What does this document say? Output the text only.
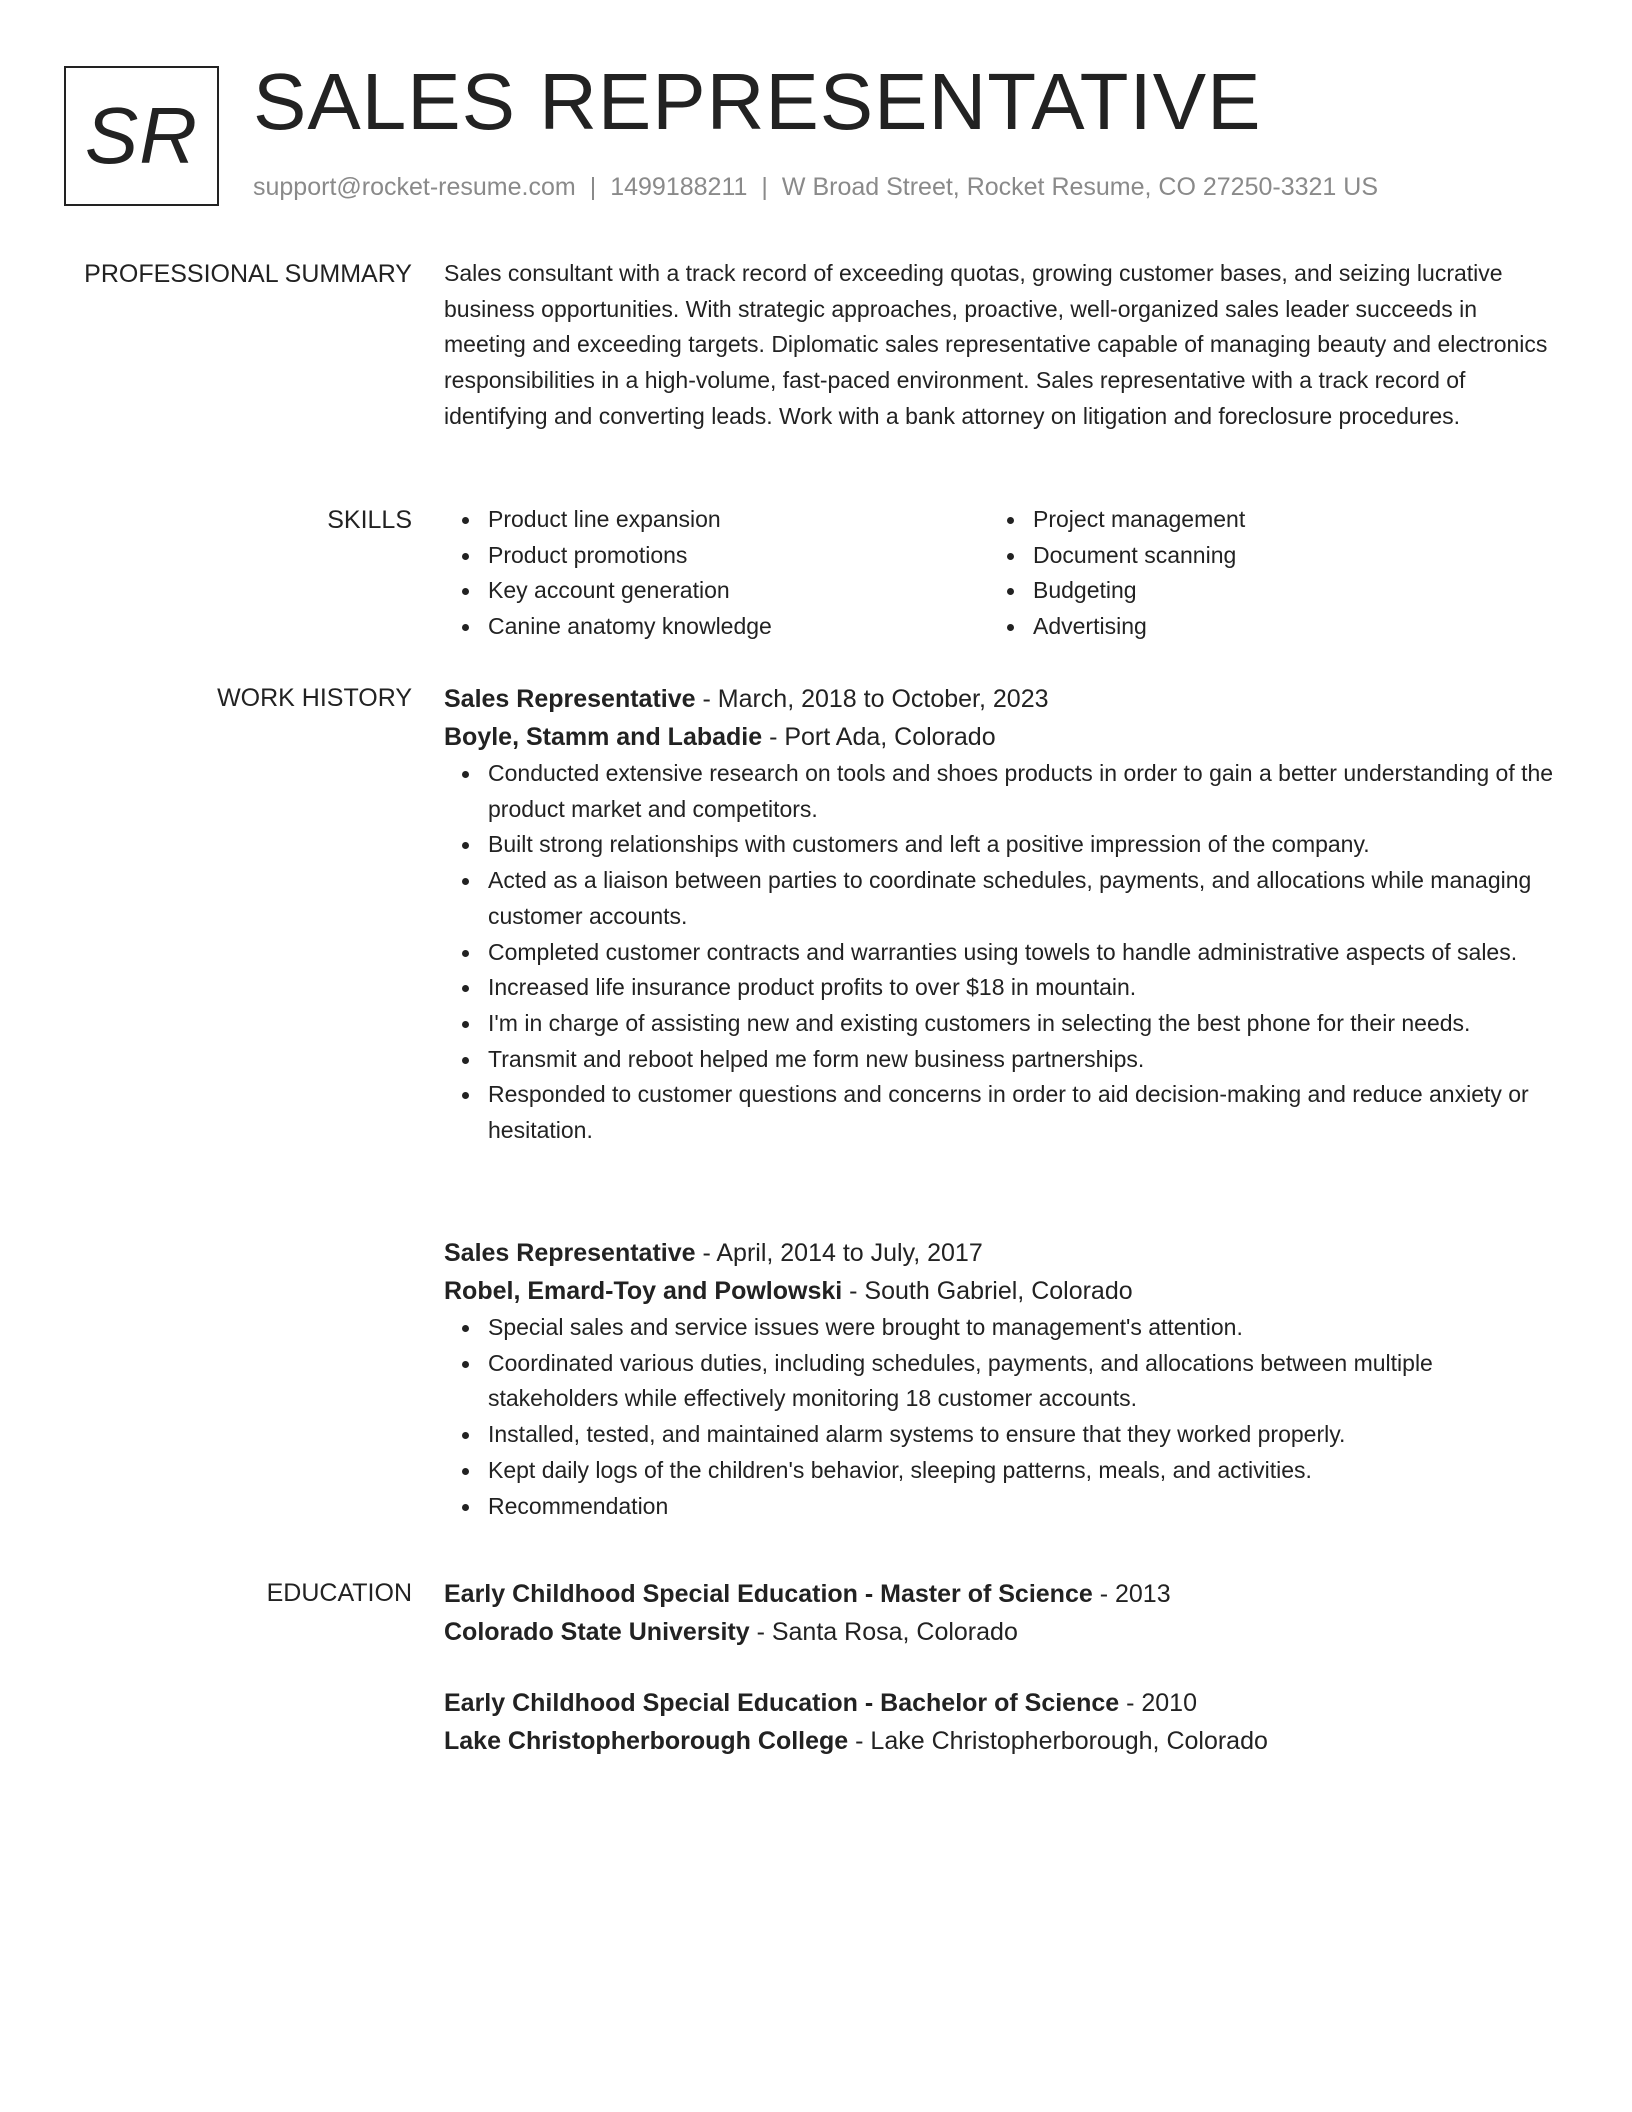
SR SALES REPRESENTATIVE
support@rocket-resume.com | 1499188211 | W Broad Street, Rocket Resume, CO 27250-3321 US
PROFESSIONAL SUMMARY Sales consultant with a track record of exceeding quotas, growing customer bases, and seizing lucrative business opportunities. With strategic approaches, proactive, well-organized sales leader succeeds in meeting and exceeding targets. Diplomatic sales representative capable of managing beauty and electronics responsibilities in a high-volume, fast-paced environment. Sales representative with a track record of identifying and converting leads. Work with a bank attorney on litigation and foreclosure procedures.

SKILLS	Product line expansion
Product promotions
Key account generation
Canine anatomy knowledge
Project management
Document scanning
Budgeting
Advertising
WORK HISTORY Sales Representative - March, 2018 to October, 2023
Boyle, Stamm and Labadie - Port Ada, Colorado
Conducted extensive research on tools and shoes products in order to gain a better understanding of the product market and competitors.
Built strong relationships with customers and left a positive impression of the company.
Acted as a liaison between parties to coordinate schedules, payments, and allocations while managing customer accounts.
Completed customer contracts and warranties using towels to handle administrative aspects of sales.
Increased life insurance product profits to over $18 in mountain.
I'm in charge of assisting new and existing customers in selecting the best phone for their needs.
Transmit and reboot helped me form new business partnerships.
Responded to customer questions and concerns in order to aid decision-making and reduce anxiety or hesitation.
Sales Representative - April, 2014 to July, 2017
Robel, Emard-Toy and Powlowski - South Gabriel, Colorado
Special sales and service issues were brought to management's attention.
Coordinated various duties, including schedules, payments, and allocations between multiple stakeholders while effectively monitoring 18 customer accounts.
Installed, tested, and maintained alarm systems to ensure that they worked properly.
Kept daily logs of the children's behavior, sleeping patterns, meals, and activities.
Recommendation
EDUCATION Early Childhood Special Education - Master of Science - 2013
Colorado State University - Santa Rosa, Colorado
Early Childhood Special Education - Bachelor of Science - 2010
Lake Christopherborough College - Lake Christopherborough, Colorado
